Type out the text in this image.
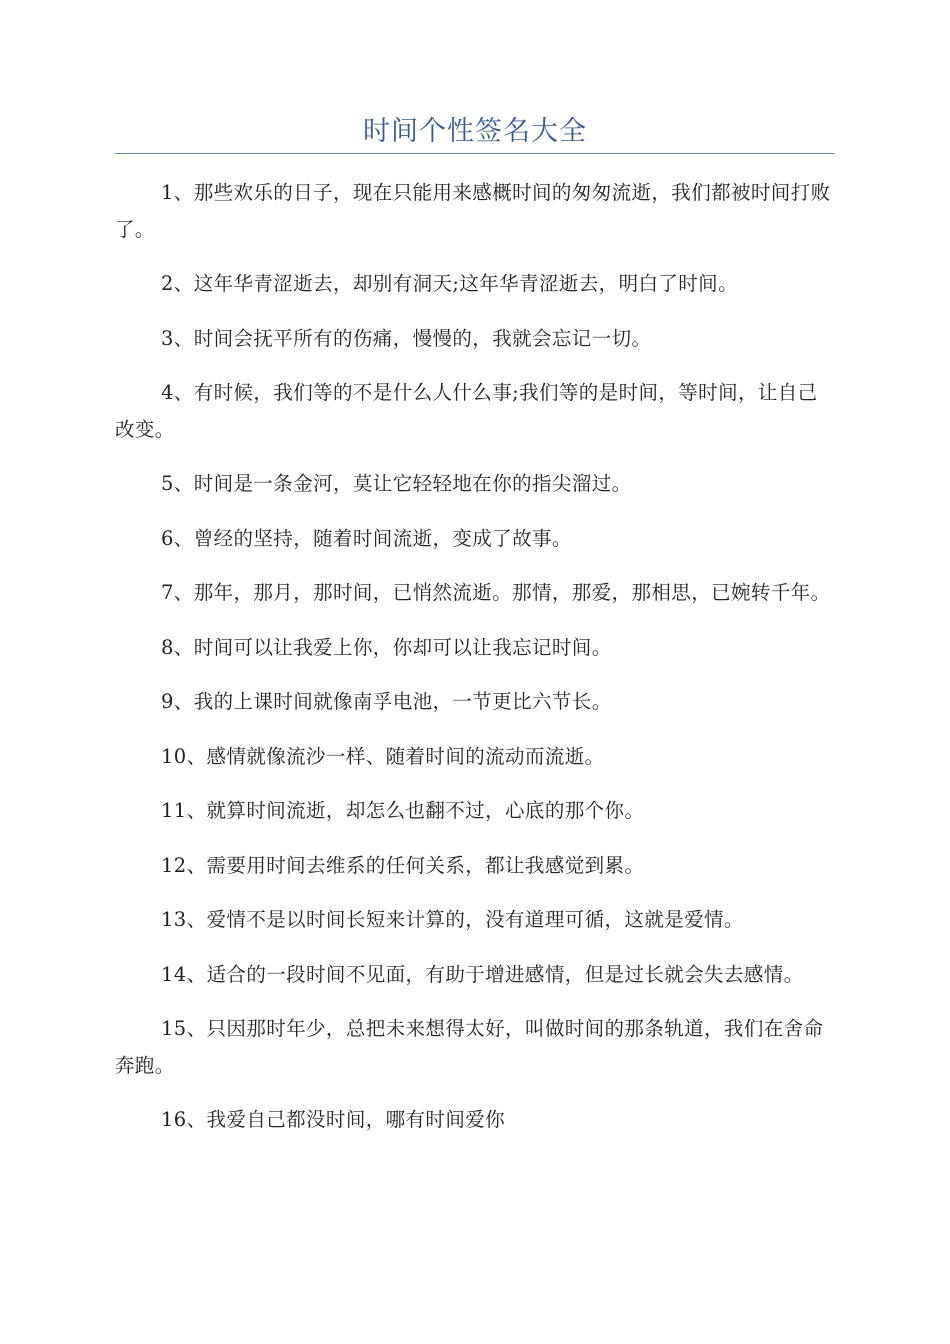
时间个性签名大全

1、那些欢乐的日子，现在只能用来感概时间的匆匆流逝，我们都被时间打败了。

2、这年华青涩逝去，却别有洞天;这年华青涩逝去，明白了时间。

3、时间会抚平所有的伤痛，慢慢的，我就会忘记一切。

4、有时候，我们等的不是什么人什么事;我们等的是时间，等时间，让自己改变。

5、时间是一条金河，莫让它轻轻地在你的指尖溜过。

6、曾经的坚持，随着时间流逝，变成了故事。

7、那年，那月，那时间，已悄然流逝。那情，那爱，那相思，已婉转千年。

8、时间可以让我爱上你，你却可以让我忘记时间。

9、我的上课时间就像南孚电池，一节更比六节长。

10、感情就像流沙一样、随着时间的流动而流逝。

11、就算时间流逝，却怎么也翻不过，心底的那个你。

12、需要用时间去维系的任何关系，都让我感觉到累。

13、爱情不是以时间长短来计算的，没有道理可循，这就是爱情。

14、适合的一段时间不见面，有助于增进感情，但是过长就会失去感情。

15、只因那时年少，总把未来想得太好，叫做时间的那条轨道，我们在舍命奔跑。

16、我爱自己都没时间，哪有时间爱你
